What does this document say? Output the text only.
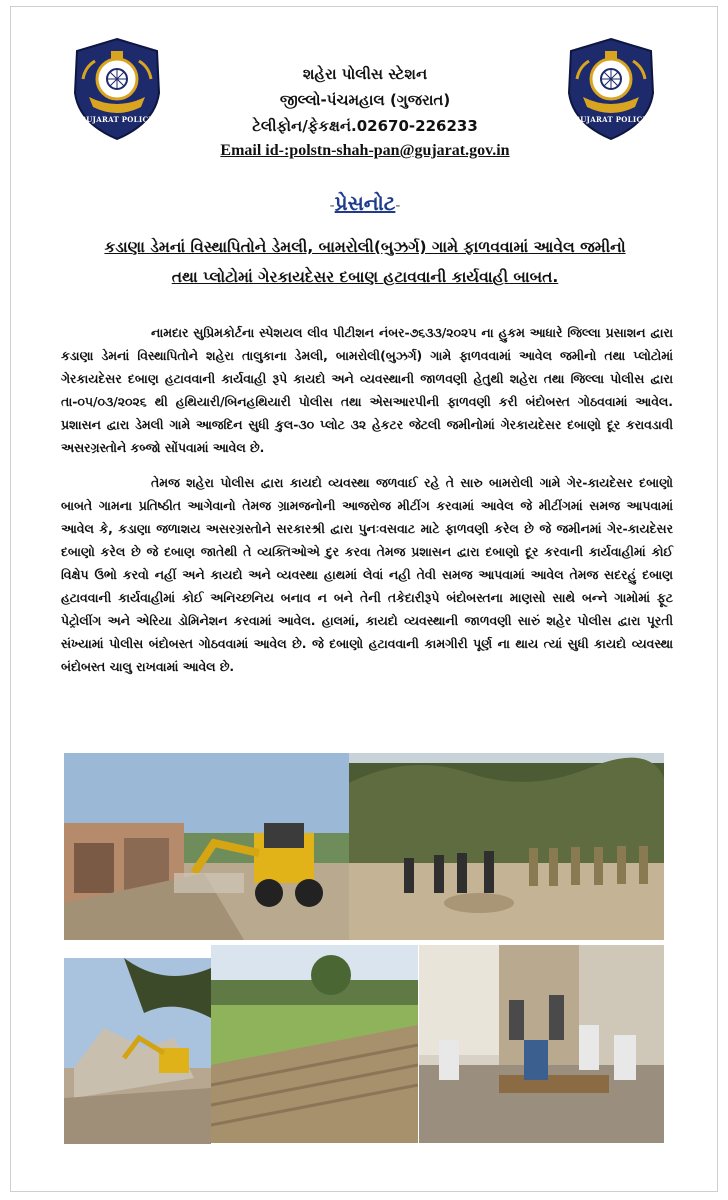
GUJARAT POLICE
શહેરા પોલીસ સ્ટેશન
જીલ્લો-પંચમહાલ (ગુજરાત)
ટેલીફોન/ફેકક્ષનં.02670-226233
Email id-:polstn-shah-pan@gujarat.gov.in
GUJARAT POLICE
-પ્રેસનોટ-
કડાણા ડેમનાં વિસ્થાપિતોને ડેમલી, બામરોલી(બુઝર્ગ) ગામે ફાળવવામાં આવેલ જમીનો
તથા પ્લોટોમાં ગેરકાયદેસર દબાણ હટાવવાની કાર્યવાહી બાબત.

નામદાર સુપ્રિમકોર્ટના સ્પેશયલ લીવ પીટીશન નંબર-૭૬૩૩/૨૦૨૫ ના હુકમ આધારે જિલ્લા પ્રસાશન દ્વારા કડાણા ડેમનાં વિસ્થાપિતોને શહેરા તાલુકાના ડેમલી, બામરોલી(બુઝર્ગ) ગામે ફાળવવામાં આવેલ જમીનો તથા પ્લોટોમાં ગેરકાયદેસર દબાણ હટાવવાની કાર્યવાહી રૂપે કાયદો અને વ્યવસ્થાની જાળવણી હેતુથી શહેરા તથા જિલ્લા પોલીસ દ્વારા તા-૦૫/૦૩/૨૦૨૬ થી હથિયારી/બિનહથિયારી પોલીસ તથા એસઆરપીની ફાળવણી કરી બંદોબસ્ત ગોઠવવામાં આવેલ. પ્રશાસન દ્વારા ડેમલી ગામે આજદિન સુધી કુલ-૩૦ પ્લોટ ૩૨ હેકટર જેટલી જમીનોમાં ગેરકાયદેસર દબાણો દૂર કરાવડાવી અસરગ્રસ્તોને કબ્જો સોંપવામાં આવેલ છે.

તેમજ શહેરા પોલીસ દ્વારા કાયદો વ્યવસ્થા જળવાઈ રહે તે સારુ બામરોલી ગામે ગેર-કાયદેસર દબાણો બાબતે ગામના પ્રતિષ્ઠીત આગેવાનો તેમજ ગ્રામજનોની આજરોજ મીટીંગ કરવામાં આવેલ જે મીટીંગમાં સમજ આપવામાં આવેલ કે, કડાણા જળાશય અસરગ્રસ્તોને સરકારશ્રી દ્વારા પુનઃવસવાટ માટે ફાળવણી કરેલ છે જે જમીનમાં ગેર-કાયદેસર દબાણો કરેલ છે જે દબાણ જાતેથી તે વ્યક્તિઓએ દુર કરવા તેમજ પ્રશાસન દ્વારા દબાણો દૂર કરવાની કાર્યવાહીમાં કોઈ વિક્ષેપ ઉભો કરવો નહીં અને કાયદો અને વ્યવસ્થા હાથમાં લેવાં નહી તેવી સમજ આપવામાં આવેલ તેમજ સદરહું દબાણ હટાવવાની કાર્યવાહીમાં કોઈ અનિચ્છનિય બનાવ ન બને તેની તકેદારીરૂપે બંદોબસ્તના માણસો સાથે બન્ને ગામોમાં ફૂટ પેટ્રોલીંગ અને એરિયા ડોમિનેશન કરવામાં આવેલ. હાલમાં, કાયદો વ્યવસ્થાની જાળવણી સારું શહેર પોલીસ દ્વારા પૂરતી સંખ્યામાં પોલીસ બંદોબસ્ત ગોઠવવામાં આવેલ છે. જે દબાણો હટાવવાની કામગીરી પૂર્ણ ના થાય ત્યાં સુધી કાયદો વ્યવસ્થા બંદોબસ્ત ચાલુ રાખવામાં આવેલ છે.
